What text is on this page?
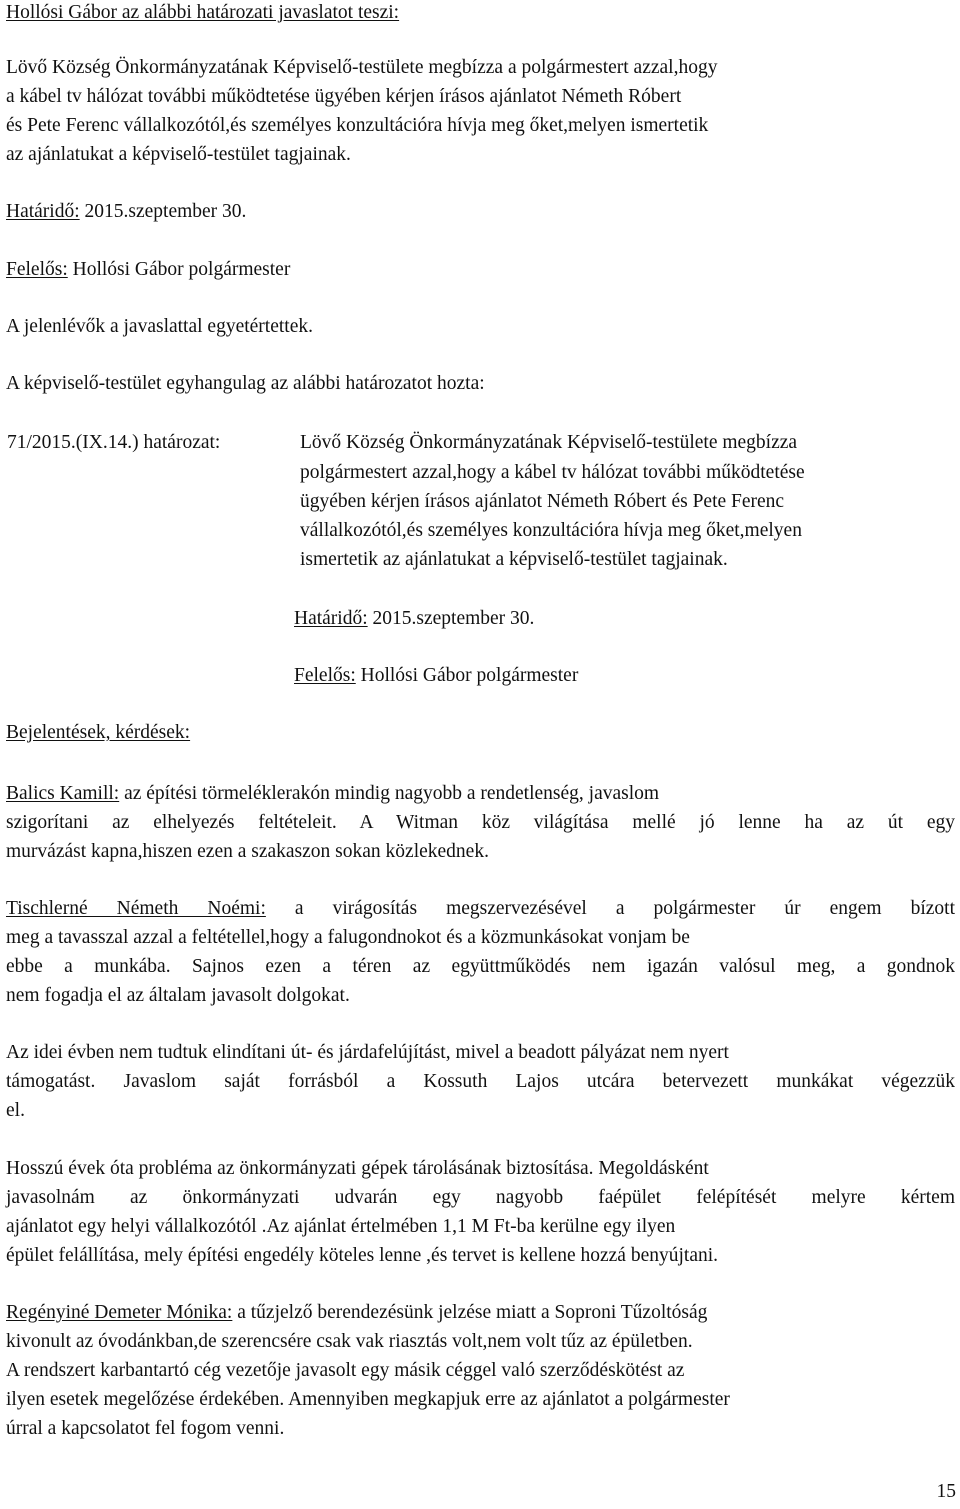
Hollósi Gábor az alábbi határozati javaslatot teszi:
Lövő Község Önkormányzatának Képviselő-testülete megbízza a polgármestert azzal,hogy
a kábel tv hálózat további működtetése ügyében kérjen írásos ajánlatot Németh Róbert
és Pete Ferenc vállalkozótól,és személyes konzultációra hívja meg őket,melyen ismertetik
az ajánlatukat a képviselő-testület tagjainak.
Határidő: 2015.szeptember 30.
Felelős: Hollósi Gábor polgármester
A jelenlévők a javaslattal egyetértettek.
A képviselő-testület egyhangulag az alábbi határozatot hozta:
71/2015.(IX.14.) határozat:	Lövő Község Önkormányzatának Képviselő-testülete megbízza
polgármestert azzal,hogy a kábel tv hálózat további működtetése
ügyében kérjen írásos ajánlatot Németh Róbert és Pete Ferenc
vállalkozótól,és személyes konzultációra hívja meg őket,melyen
ismertetik az ajánlatukat a képviselő-testület tagjainak.
Határidő: 2015.szeptember 30.
Felelős: Hollósi Gábor polgármester
Bejelentések, kérdések:
Balics Kamill: az építési törmeléklerakón mindig nagyobb a rendetlenség, javaslom
szigorítani az elhelyezés feltételeit. A Witman köz világítása mellé jó lenne ha az út egy
murvázást kapna,hiszen ezen a szakaszon sokan közlekednek.
Tischlerné Németh Noémi: a virágosítás megszervezésével a polgármester úr engem bízott
meg a tavasszal azzal a feltétellel,hogy a falugondnokot és a közmunkásokat vonjam be
ebbe a munkába. Sajnos ezen a téren az együttműködés nem igazán valósul meg, a gondnok
nem fogadja el az általam javasolt dolgokat.
Az idei évben nem tudtuk elindítani út- és járdafelújítást, mivel a beadott pályázat nem nyert
támogatást. Javaslom saját forrásból a Kossuth Lajos utcára betervezett munkákat végezzük
el.
Hosszú évek óta probléma az önkormányzati gépek tárolásának biztosítása. Megoldásként
javasolnám az önkormányzati udvarán egy nagyobb faépület felépítését melyre kértem
ajánlatot egy helyi vállalkozótól .Az ajánlat értelmében 1,1 M Ft-ba kerülne egy ilyen
épület felállítása, mely építési engedély köteles lenne ,és tervet is kellene hozzá benyújtani.
Regényiné Demeter Mónika: a tűzjelző berendezésünk jelzése miatt a Soproni Tűzoltóság
kivonult az óvodánkban,de szerencsére csak vak riasztás volt,nem volt tűz az épületben.
A rendszert karbantartó cég vezetője javasolt egy másik céggel való szerződéskötést az
ilyen esetek megelőzése érdekében. Amennyiben megkapjuk erre az ajánlatot a polgármester
úrral a kapcsolatot fel fogom venni.
15
